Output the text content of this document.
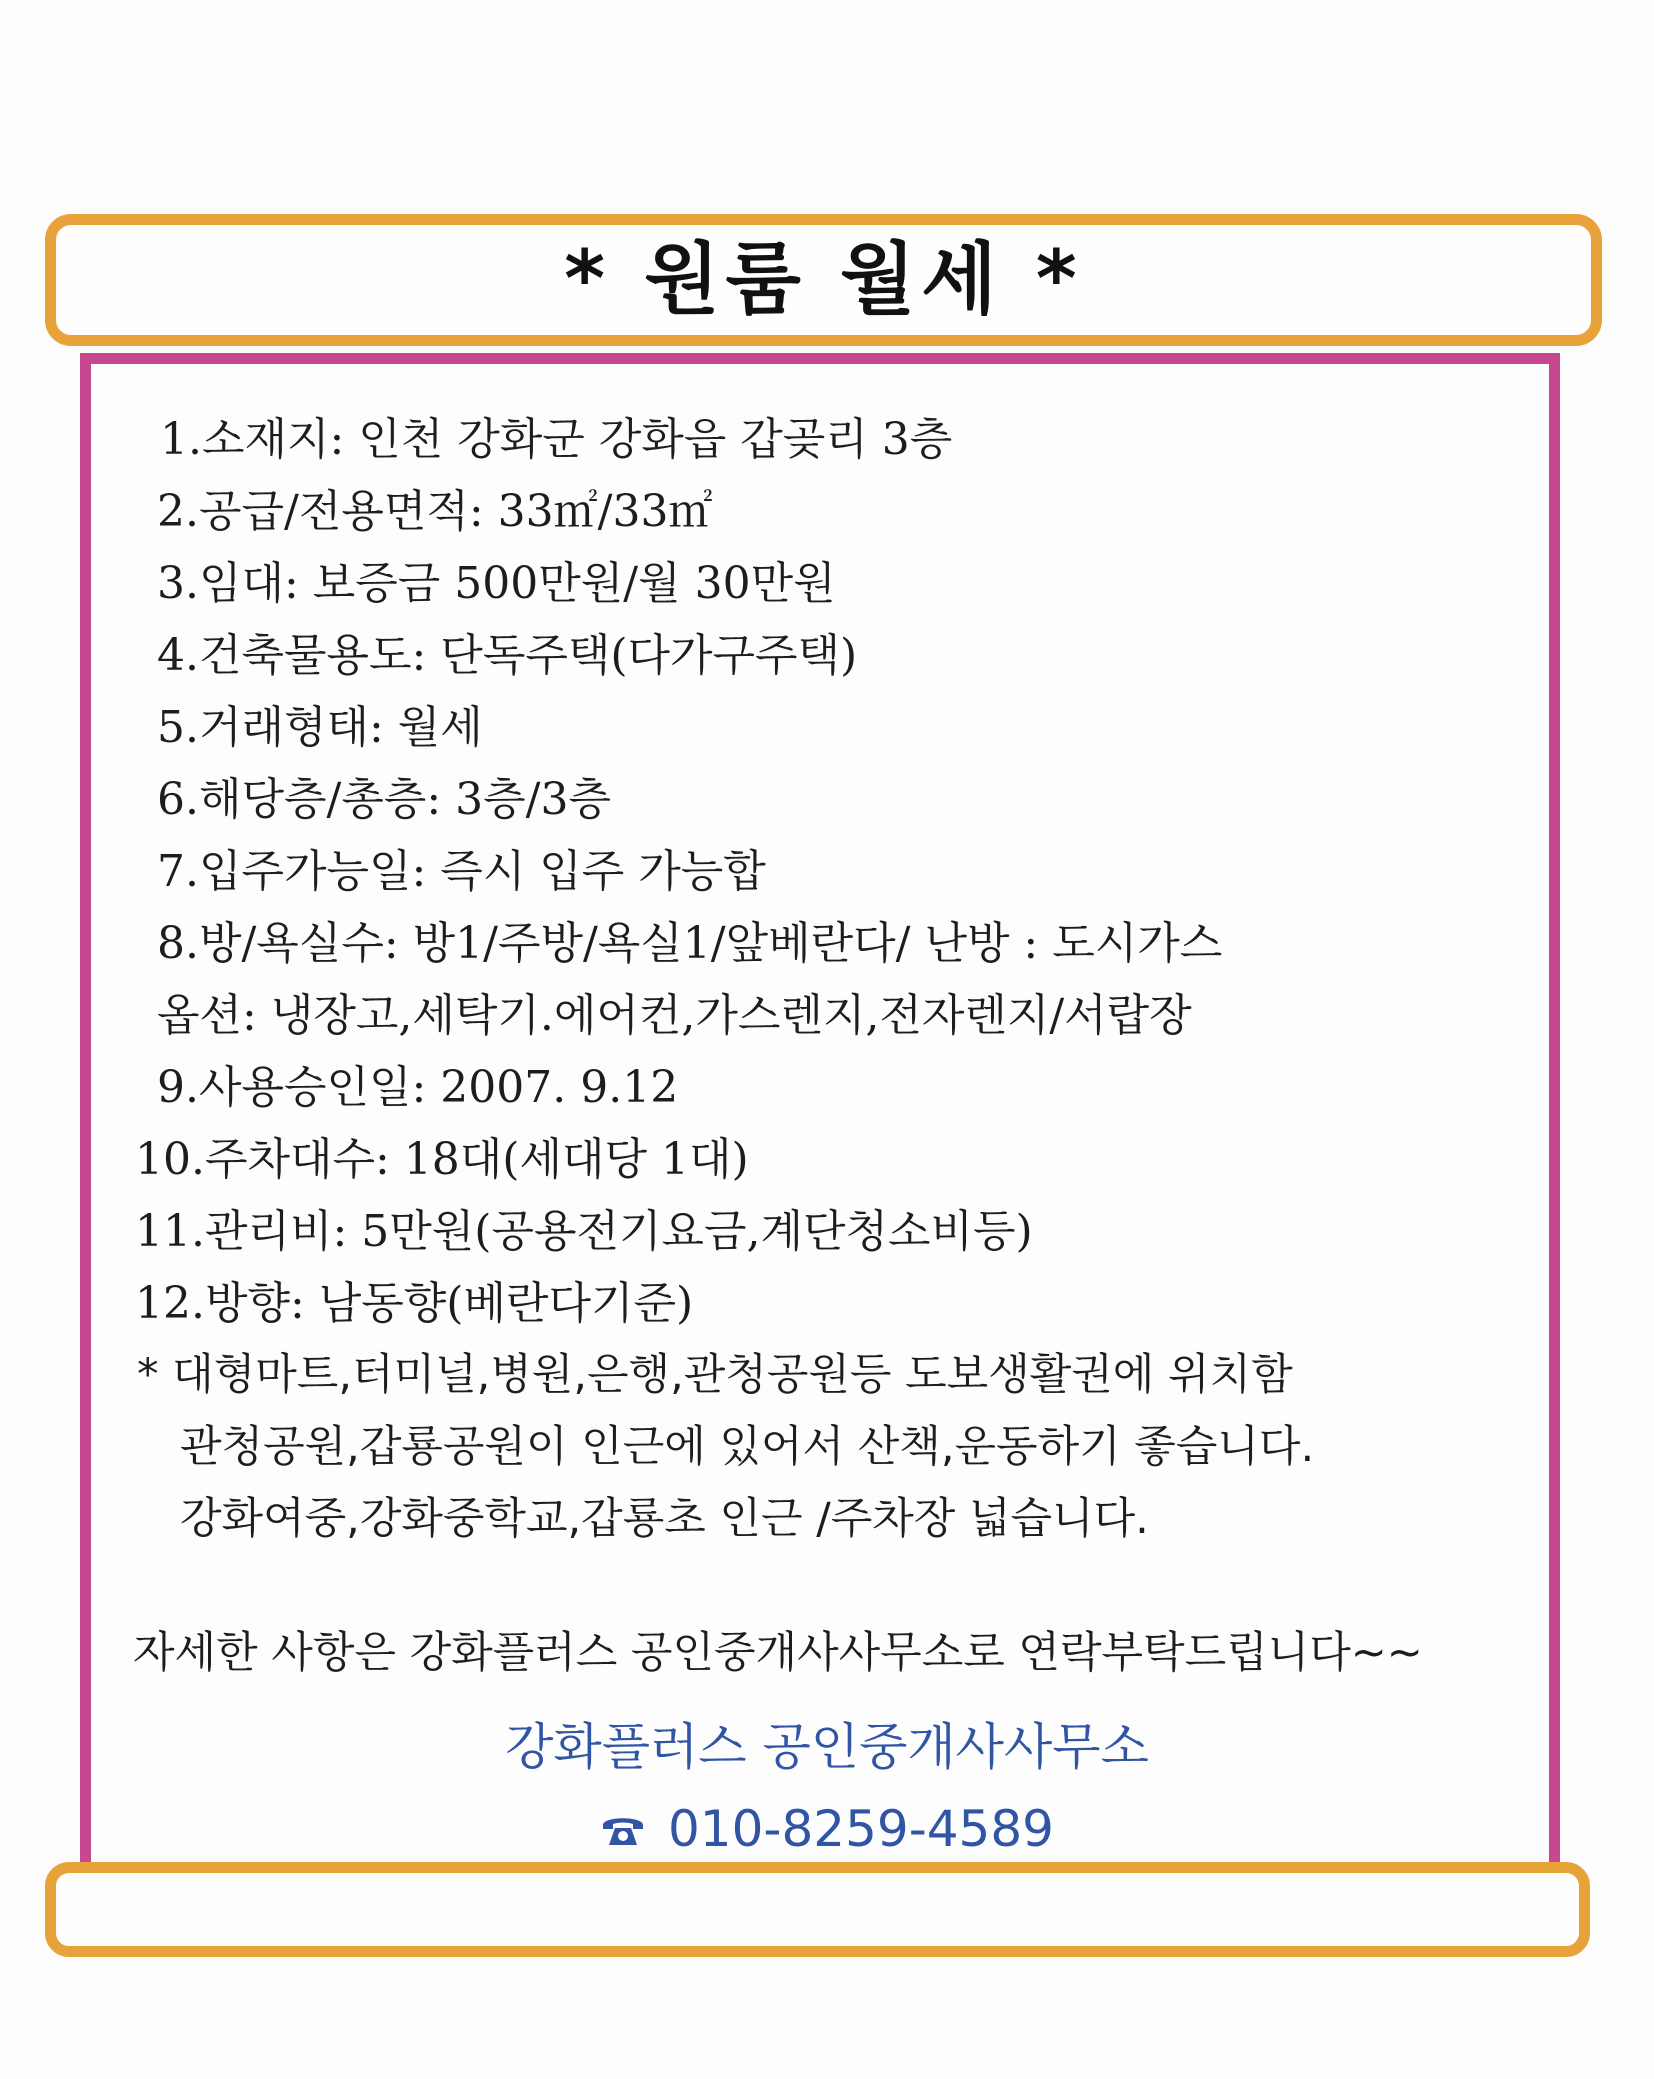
* 원룸 월세 *
1.소재지: 인천 강화군 강화읍 갑곶리 3층
2.공급/전용면적: 33㎡/33㎡
3.임대: 보증금 500만원/월 30만원
4.건축물용도: 단독주택(다가구주택)
5.거래형태: 월세
6.해당층/총층: 3층/3층
7.입주가능일: 즉시 입주 가능합
8.방/욕실수: 방1/주방/욕실1/앞베란다/ 난방 : 도시가스
옵션: 냉장고,세탁기.에어컨,가스렌지,전자렌지/서랍장
9.사용승인일: 2007. 9.12
10.주차대수: 18대(세대당 1대)
11.관리비: 5만원(공용전기요금,계단청소비등)
12.방향: 남동향(베란다기준)
* 대형마트,터미널,병원,은행,관청공원등 도보생활권에 위치함
관청공원,갑룡공원이 인근에 있어서 산책,운동하기 좋습니다.
강화여중,강화중학교,갑룡초 인근 /주차장 넓습니다.
자세한 사항은 강화플러스 공인중개사사무소로 연락부탁드립니다~~
강화플러스 공인중개사사무소
010-8259-4589
